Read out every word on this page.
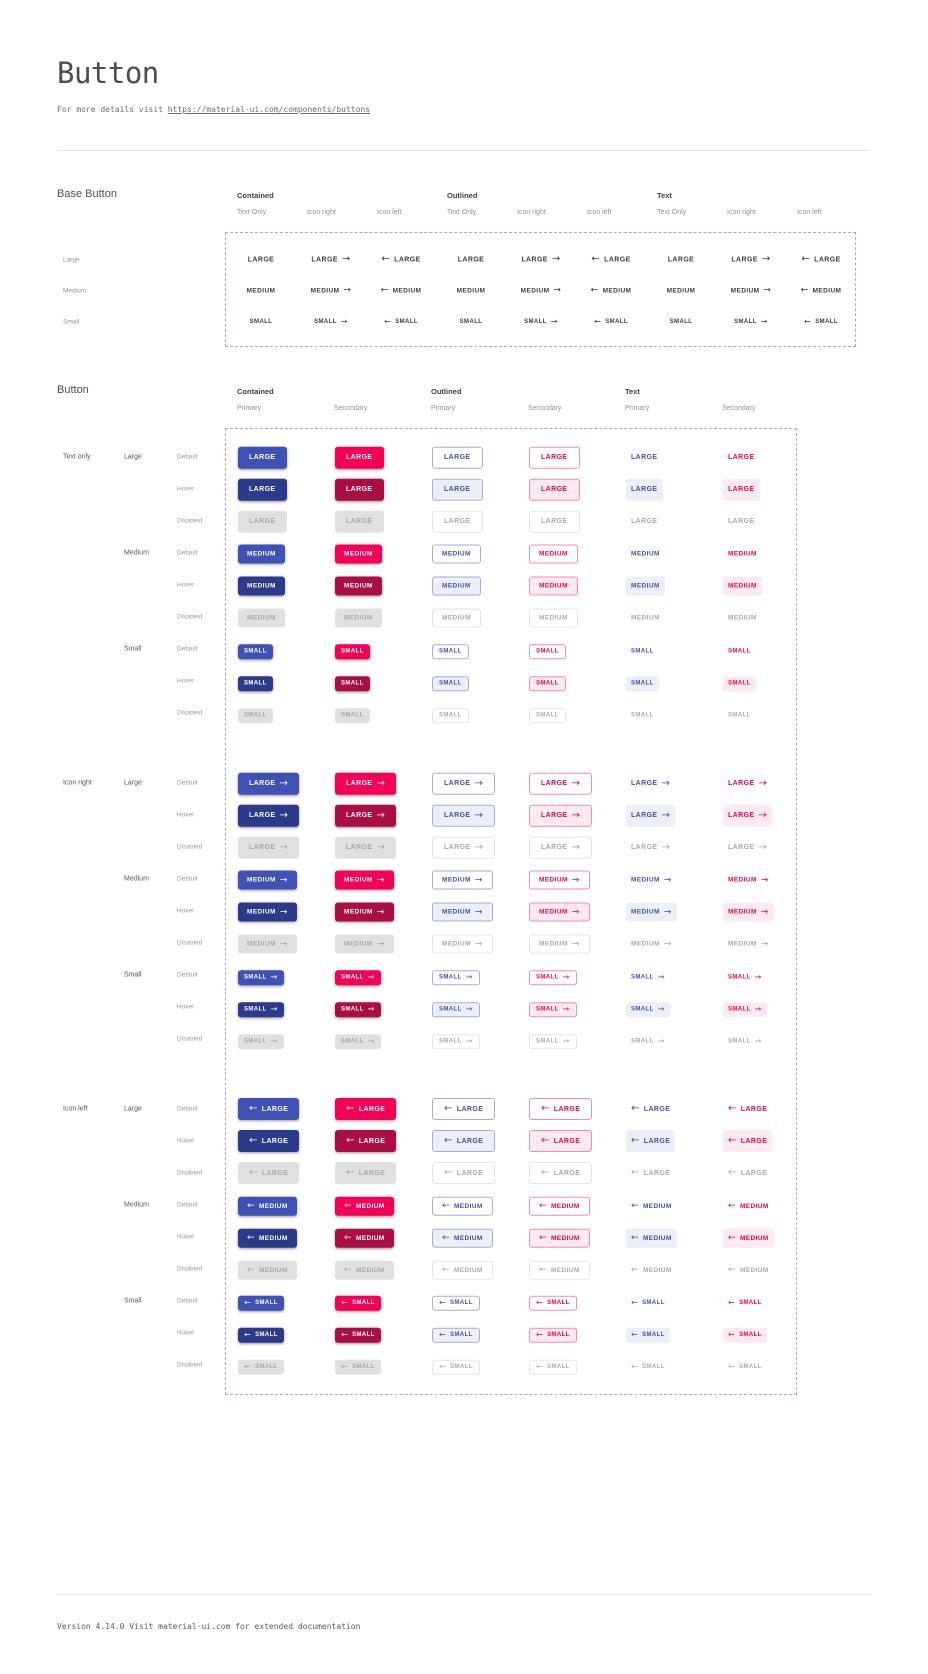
Button

For more details visit https://material-ui.com/components/buttons

Base Button	Contained	Outlined	Text
Text Only	Icon right	Icon left	Text Only	Icon right	Icon left	Text Only	Icon right	Icon left
Large	LARGE	LARGE →	← LARGE	LARGE	LARGE →	← LARGE	LARGE	LARGE →	← LARGE
Medium	MEDIUM	MEDIUM →	← MEDIUM	MEDIUM	MEDIUM →	← MEDIUM	MEDIUM	MEDIUM →	← MEDIUM
Small	SMALL	SMALL →	← SMALL	SMALL	SMALL →	← SMALL	SMALL	SMALL →	← SMALL
Button	Contained	Outlined	Text
Primary	Secondary	Primary	Secondary	Primary	Secondary
Text only	Large	Default	LARGE	LARGE	LARGE	LARGE	LARGE	LARGE
Hover	LARGE	LARGE	LARGE	LARGE	LARGE	LARGE
Disabled	LARGE	LARGE	LARGE	LARGE	LARGE	LARGE
Medium	Default	MEDIUM	MEDIUM	MEDIUM	MEDIUM	MEDIUM	MEDIUM
Hover	MEDIUM	MEDIUM	MEDIUM	MEDIUM	MEDIUM	MEDIUM
Disabled	MEDIUM	MEDIUM	MEDIUM	MEDIUM	MEDIUM	MEDIUM
Small	Default	SMALL	SMALL	SMALL	SMALL	SMALL	SMALL
Hover	SMALL	SMALL	SMALL	SMALL	SMALL	SMALL
Disabled	SMALL	SMALL	SMALL	SMALL	SMALL	SMALL
Icon right	Large	Default	LARGE →	LARGE →	LARGE →	LARGE →	LARGE →	LARGE →
Hover	LARGE →	LARGE →	LARGE →	LARGE →	LARGE →	LARGE →
Disabled	LARGE →	LARGE →	LARGE →	LARGE →	LARGE →	LARGE →
Medium	Default	MEDIUM →	MEDIUM →	MEDIUM →	MEDIUM →	MEDIUM →	MEDIUM →
Hover	MEDIUM →	MEDIUM →	MEDIUM →	MEDIUM →	MEDIUM →	MEDIUM →
Disabled	MEDIUM →	MEDIUM →	MEDIUM →	MEDIUM →	MEDIUM →	MEDIUM →
Small	Default	SMALL →	SMALL →	SMALL →	SMALL →	SMALL →	SMALL →
Hover	SMALL →	SMALL →	SMALL →	SMALL →	SMALL →	SMALL →
Disabled	SMALL →	SMALL →	SMALL →	SMALL →	SMALL →	SMALL →
Icon left	Large	Default	← LARGE	← LARGE	← LARGE	← LARGE	← LARGE	← LARGE
Hover	← LARGE	← LARGE	← LARGE	← LARGE	← LARGE	← LARGE
Disabled	← LARGE	← LARGE	← LARGE	← LARGE	← LARGE	← LARGE
Medium	Default	← MEDIUM	← MEDIUM	← MEDIUM	← MEDIUM	← MEDIUM	← MEDIUM
Hover	← MEDIUM	← MEDIUM	← MEDIUM	← MEDIUM	← MEDIUM	← MEDIUM
Disabled	← MEDIUM	← MEDIUM	← MEDIUM	← MEDIUM	← MEDIUM	← MEDIUM
Small	Default	← SMALL	← SMALL	← SMALL	← SMALL	← SMALL	← SMALL
Hover	← SMALL	← SMALL	← SMALL	← SMALL	← SMALL	← SMALL
Disabled	← SMALL	← SMALL	← SMALL	← SMALL	← SMALL	← SMALL

Version 4.14.0 Visit material-ui.com for extended documentation
